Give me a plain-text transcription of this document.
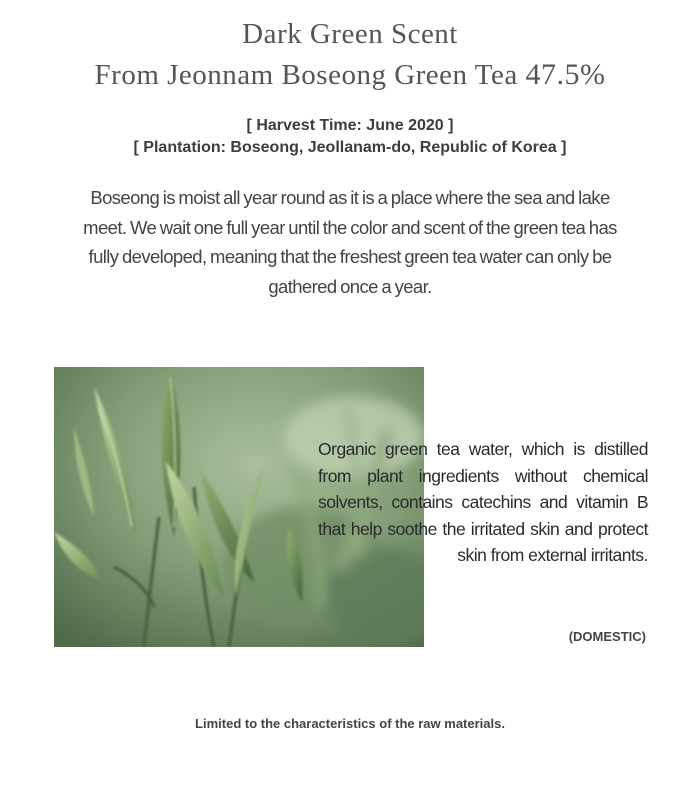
Dark Green Scent
From Jeonnam Boseong Green Tea 47.5%
[ Harvest Time: June 2020 ]
[ Plantation: Boseong, Jeollanam-do, Republic of Korea ]

Boseong is moist all year round as it is a place where the sea and lake meet. We wait one full year until the color and scent of the green tea has fully developed, meaning that the freshest green tea water can only be gathered once a year.

Organic green tea water, which is distilled from plant ingredients without chemical solvents, contains catechins and vitamin B that help soothe the irritated skin and protect skin from external irritants.

(DOMESTIC)
Limited to the characteristics of the raw materials.
